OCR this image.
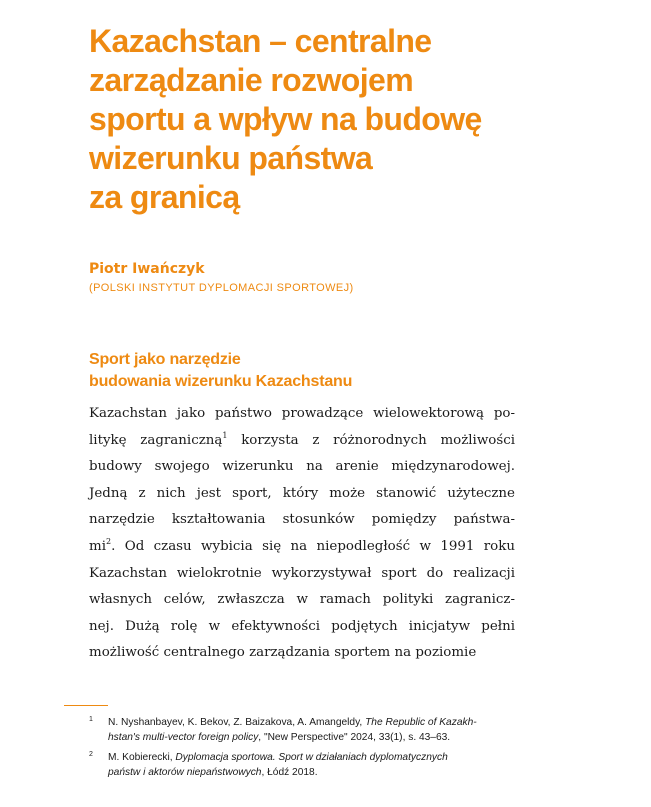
Kazachstan – centralne
zarządzanie rozwojem
sportu a wpływ na budowę
wizerunku państwa
za granicą
Piotr Iwańczyk
(POLSKI INSTYTUT DYPLOMACJI SPORTOWEJ)
Sport jako narzędzie
budowania wizerunku Kazachstanu
Kazachstan jako państwo prowadzące wielowektorową po-
litykę zagraniczną$^1$ korzysta z różnorodnych możliwości
budowy swojego wizerunku na arenie międzynarodowej.
Jedną z nich jest sport, który może stanowić użyteczne
narzędzie kształtowania stosunków pomiędzy państwa-
$mi^2$. Od czasu wybicia się na niepodległość w 1991 roku
Kazachstan wielokrotnie wykorzystywał sport do realizacji
własnych celów, zwłaszcza w ramach polityki zagranicz-
nej. Dużą rolę w efektywności podjętych inicjatyw pełni
możliwość centralnego zarządzania sportem na poziomie
1 N. Nyshanbayev, K. Bekov, Z. Baizakova, A. Amangeldy, The Republic of Kazakh-
hstan's multi-vector foreign policy, "New Perspective" 2024, 33(1), s. 43–63.
2 M. Kobierecki, Dyplomacja sportowa. Sport w działaniach dyplomatycznych
państw i aktorów niepaństwowych, Łódź 2018.
